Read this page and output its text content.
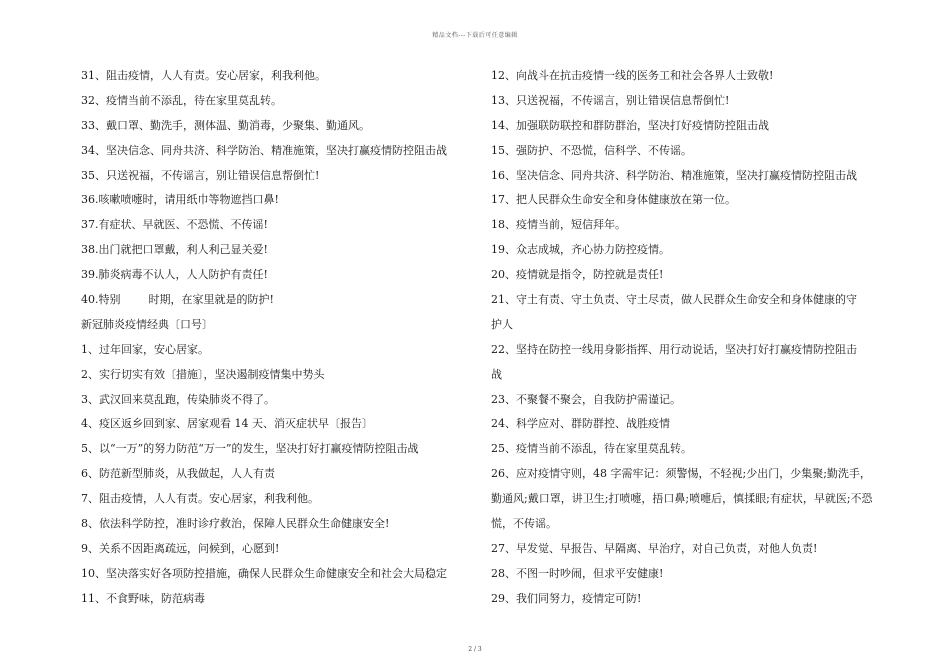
精品文档---下载后可任意编辑
31、阻击疫情，人人有责。安心居家，利我利他。
32、疫情当前不添乱，待在家里莫乱转。
33、戴口罩、勤洗手，测体温、勤消毒，少聚集、勤通风。
34、坚决信念、同舟共济、科学防治、精准施策，坚决打赢疫情防控阻击战
35、只送祝福，不传谣言，别让错误信息帮倒忙!
36.咳嗽喷嚏时，请用纸巾等物遮挡口鼻!
37.有症状、早就医、不恐慌、不传谣!
38.出门就把口罩戴，利人利己显关爱!
39.肺炎病毒不认人，人人防护有责任!
40.特别        时期，在家里就是的防护!
新冠肺炎疫情经典〔口号〕
1、过年回家，安心居家。
2、实行切实有效〔措施〕，坚决遏制疫情集中势头
3、武汉回来莫乱跑，传染肺炎不得了。
4、疫区返乡回到家、居家观看 14 天、消灭症状早〔报告〕
5、以“一万”的努力防范“万一”的发生，坚决打好打赢疫情防控阻击战
6、防范新型肺炎，从我做起，人人有责
7、阻击疫情，人人有责。安心居家，利我利他。
8、依法科学防控，准时诊疗救治，保障人民群众生命健康安全!
9、关系不因距离疏远，问候到，心愿到!
10、坚决落实好各项防控措施，确保人民群众生命健康安全和社会大局稳定
11、不食野味，防范病毒
12、向战斗在抗击疫情一线的医务工和社会各界人士致敬!
13、只送祝福，不传谣言，别让错误信息帮倒忙!
14、加强联防联控和群防群治，坚决打好疫情防控阻击战
15、强防护、不恐慌，信科学、不传谣。
16、坚决信念、同舟共济、科学防治、精准施策，坚决打赢疫情防控阻击战
17、把人民群众生命安全和身体健康放在第一位。
18、疫情当前，短信拜年。
19、众志成城，齐心协力防控疫情。
20、疫情就是指令，防控就是责任!
21、守土有责、守土负责、守土尽责，做人民群众生命安全和身体健康的守
护人
22、坚持在防控一线用身影指挥、用行动说话，坚决打好打赢疫情防控阻击
战
23、不聚餐不聚会，自我防护需谨记。
24、科学应对、群防群控、战胜疫情
25、疫情当前不添乱，待在家里莫乱转。
26、应对疫情守则，48 字需牢记：须警惕，不轻视;少出门，少集聚;勤洗手，
勤通风;戴口罩，讲卫生;打喷嚏，捂口鼻;喷嚏后，慎揉眼;有症状，早就医;不恐
慌，不传谣。
27、早发觉、早报告、早隔离、早治疗，对自己负责，对他人负责!
28、不图一时吵闹，但求平安健康!
29、我们同努力，疫情定可防!
2 / 3
